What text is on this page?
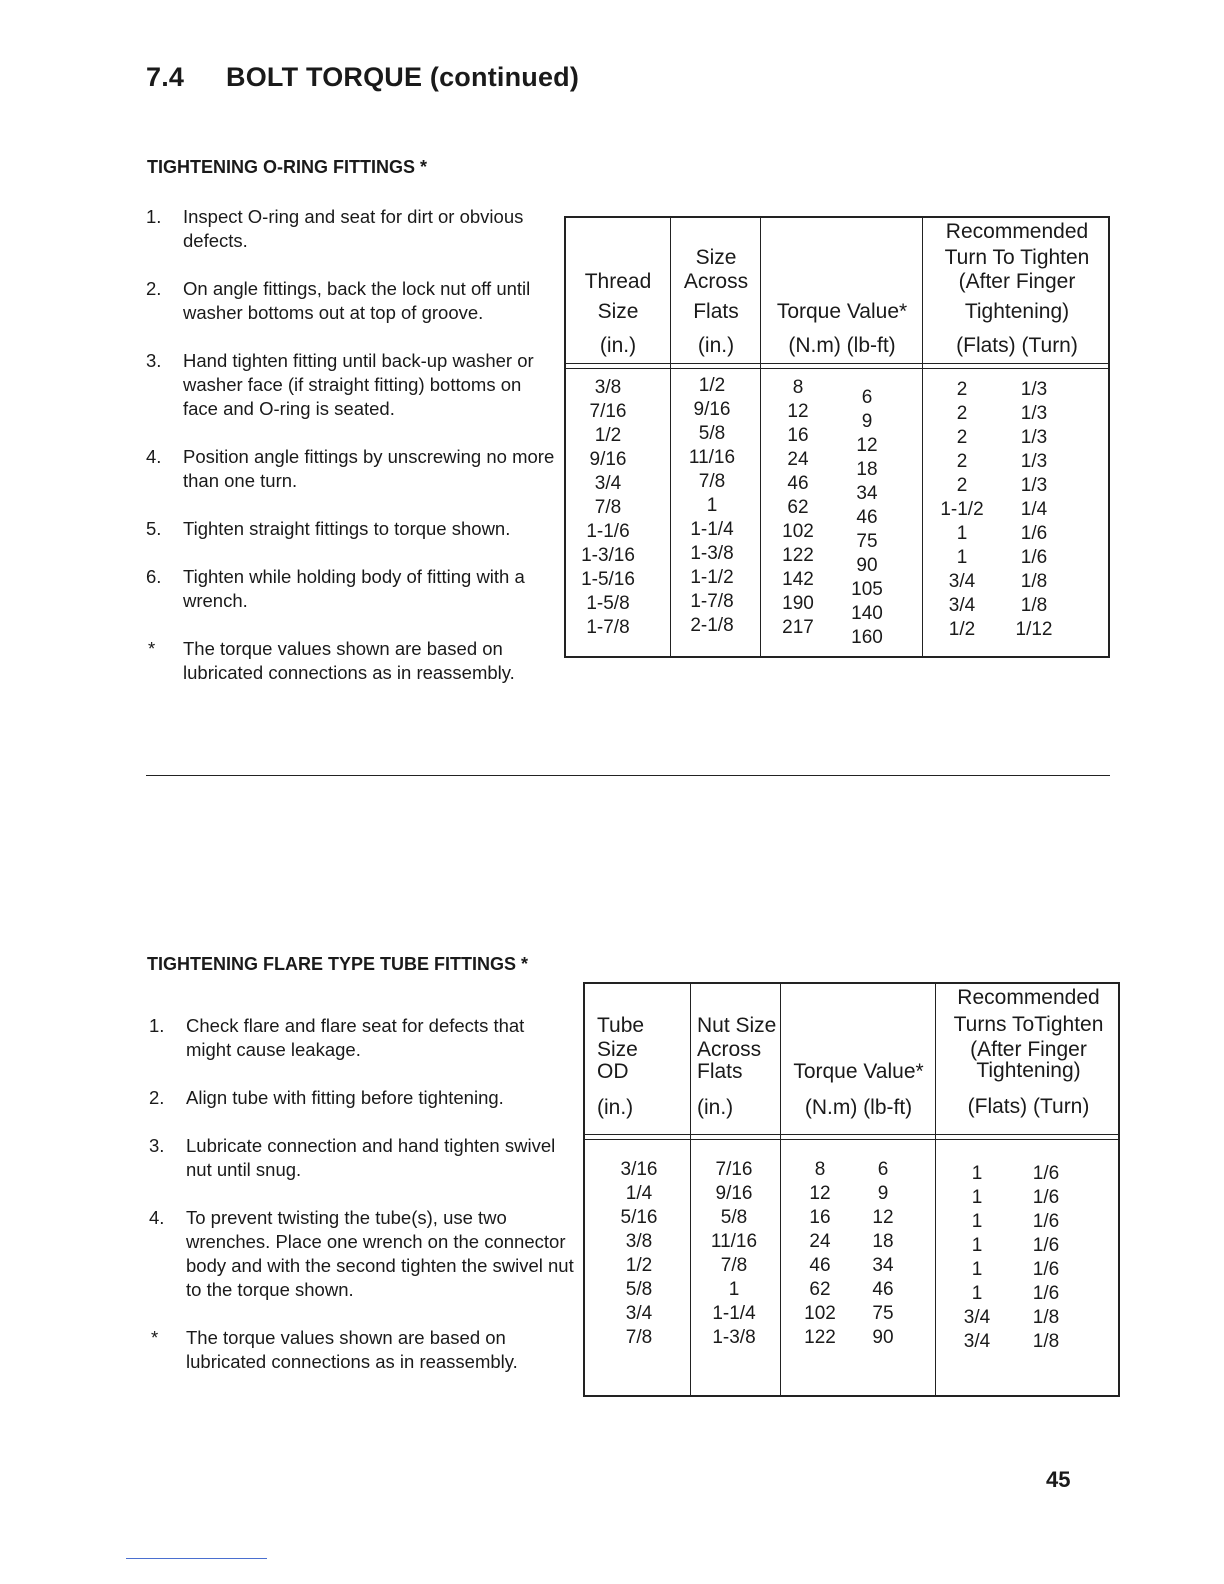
7.4 BOLT TORQUE (continued)
TIGHTENING O-RING FITTINGS *
1. Inspect O-ring and seat for dirt or obvious defects.
2. On angle fittings, back the lock nut off until washer bottoms out at top of groove.
3. Hand tighten fitting until back-up washer or washer face (if straight fitting) bottoms on face and O-ring is seated.
4. Position angle fittings by unscrewing no more than one turn.
5. Tighten straight fittings to torque shown.
6. Tighten while holding body of fitting with a wrench.
* The torque values shown are based on lubricated connections as in reassembly.
Thread
Size
(in.)
Size
Across
Flats
(in.)
Torque Value*
(N.m) (lb-ft)
Recommended
Turn To Tighten
(After Finger
Tightening)
(Flats) (Turn)
3/8
7/16
1/2
9/16
3/4
7/8
1-1/6
1-3/16
1-5/16
1-5/8
1-7/8
1/2
9/16
5/8
11/16
7/8
1
1-1/4
1-3/8
1-1/2
1-7/8
2-1/8
8
12
16
24
46
62
102
122
142
190
217
6
9
12
18
34
46
75
90
105
140
160
2
2
2
2
2
1-1/2
1
1
3/4
3/4
1/2
1/3
1/3
1/3
1/3
1/3
1/4
1/6
1/6
1/8
1/8
1/12
TIGHTENING FLARE TYPE TUBE FITTINGS *
1. Check flare and flare seat for defects that might cause leakage.
2. Align tube with fitting before tightening.
3. Lubricate connection and hand tighten swivel nut until snug.
4. To prevent twisting the tube(s), use two wrenches. Place one wrench on the connector body and with the second tighten the swivel nut to the torque shown.
* The torque values shown are based on lubricated connections as in reassembly.
Tube
Size
OD
(in.)
Nut Size
Across
Flats
(in.)
Torque Value*
(N.m) (lb-ft)
Recommended
Turns ToTighten
(After Finger
Tightening)
(Flats) (Turn)
3/16
1/4
5/16
3/8
1/2
5/8
3/4
7/8
7/16
9/16
5/8
11/16
7/8
1
1-1/4
1-3/8
8
12
16
24
46
62
102
122
6
9
12
18
34
46
75
90
1
1
1
1
1
1
3/4
3/4
1/6
1/6
1/6
1/6
1/6
1/6
1/8
1/8
45
